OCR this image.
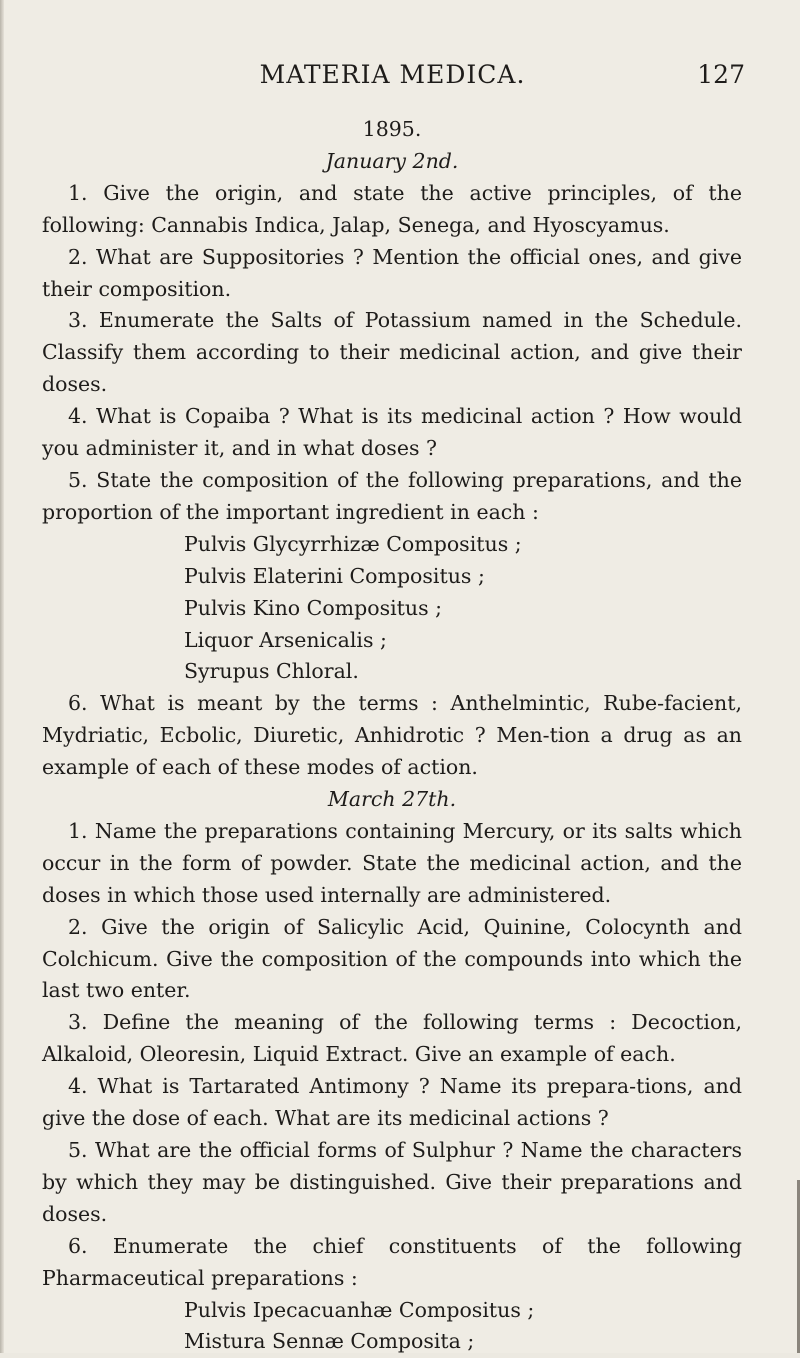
MATERIA MEDICA.	127

1895.

January 2nd.

1. Give the origin, and state the active principles, of the following: Cannabis Indica, Jalap, Senega, and Hyoscyamus.

2. What are Suppositories ? Mention the official ones, and give their composition.

3. Enumerate the Salts of Potassium named in the Schedule. Classify them according to their medicinal action, and give their doses.

4. What is Copaiba ? What is its medicinal action ? How would you administer it, and in what doses ?

5. State the composition of the following preparations, and the proportion of the important ingredient in each :

Pulvis Glycyrrhizæ Compositus ;

Pulvis Elaterini Compositus ;

Pulvis Kino Compositus ;

Liquor Arsenicalis ;

Syrupus Chloral.

6. What is meant by the terms : Anthelmintic, Rube-facient, Mydriatic, Ecbolic, Diuretic, Anhidrotic ? Men-tion a drug as an example of each of these modes of action.

March 27th.

1. Name the preparations containing Mercury, or its salts which occur in the form of powder. State the medicinal action, and the doses in which those used internally are administered.

2. Give the origin of Salicylic Acid, Quinine, Colocynth and Colchicum. Give the composition of the compounds into which the last two enter.

3. Define the meaning of the following terms : Decoction, Alkaloid, Oleoresin, Liquid Extract. Give an example of each.

4. What is Tartarated Antimony ? Name its prepara-tions, and give the dose of each. What are its medicinal actions ?

5. What are the official forms of Sulphur ? Name the characters by which they may be distinguished. Give their preparations and doses.

6. Enumerate the chief constituents of the following Pharmaceutical preparations :

Pulvis Ipecacuanhæ Compositus ;

Mistura Sennæ Composita ;
